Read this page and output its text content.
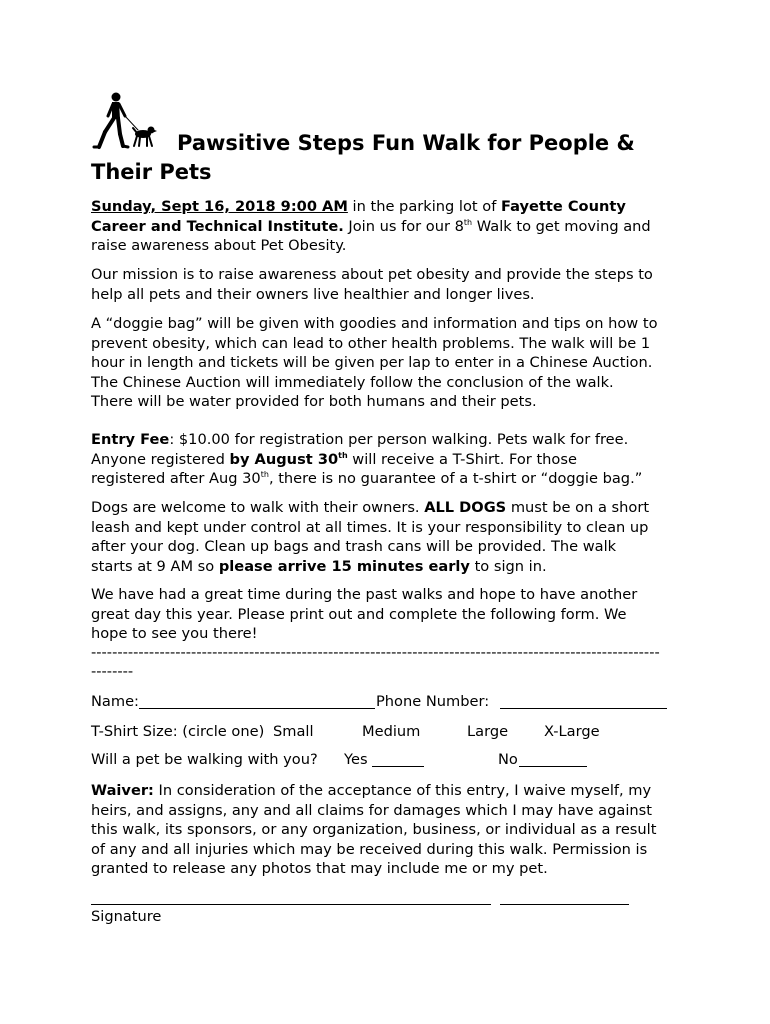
Pawsitive Steps Fun Walk for People &
Their Pets
Sunday, Sept 16, 2018 9:00 AM in the parking lot of Fayette County
Career and Technical Institute. Join us for our 8th Walk to get moving and
raise awareness about Pet Obesity.
Our mission is to raise awareness about pet obesity and provide the steps to
help all pets and their owners live healthier and longer lives.
A “doggie bag” will be given with goodies and information and tips on how to
prevent obesity, which can lead to other health problems. The walk will be 1
hour in length and tickets will be given per lap to enter in a Chinese Auction.
The Chinese Auction will immediately follow the conclusion of the walk.
There will be water provided for both humans and their pets.
Entry Fee: $10.00 for registration per person walking. Pets walk for free.
Anyone registered by August 30th will receive a T-Shirt. For those
registered after Aug 30th, there is no guarantee of a t-shirt or “doggie bag.”
Dogs are welcome to walk with their owners. ALL DOGS must be on a short
leash and kept under control at all times. It is your responsibility to clean up
after your dog. Clean up bags and trash cans will be provided. The walk
starts at 9 AM so please arrive 15 minutes early to sign in.
We have had a great time during the past walks and hope to have another
great day this year. Please print out and complete the following form. We
hope to see you there!
------------------------------------------------------------------------------------------------------------
--------
Name:	Phone Number:
T-Shirt Size: (circle one) Small	Medium	Large X-Large
Will a pet be walking with you? Yes	No
Waiver: In consideration of the acceptance of this entry, I waive myself, my
heirs, and assigns, any and all claims for damages which I may have against
this walk, its sponsors, or any organization, business, or individual as a result
of any and all injuries which may be received during this walk. Permission is
granted to release any photos that may include me or my pet.
Signature
